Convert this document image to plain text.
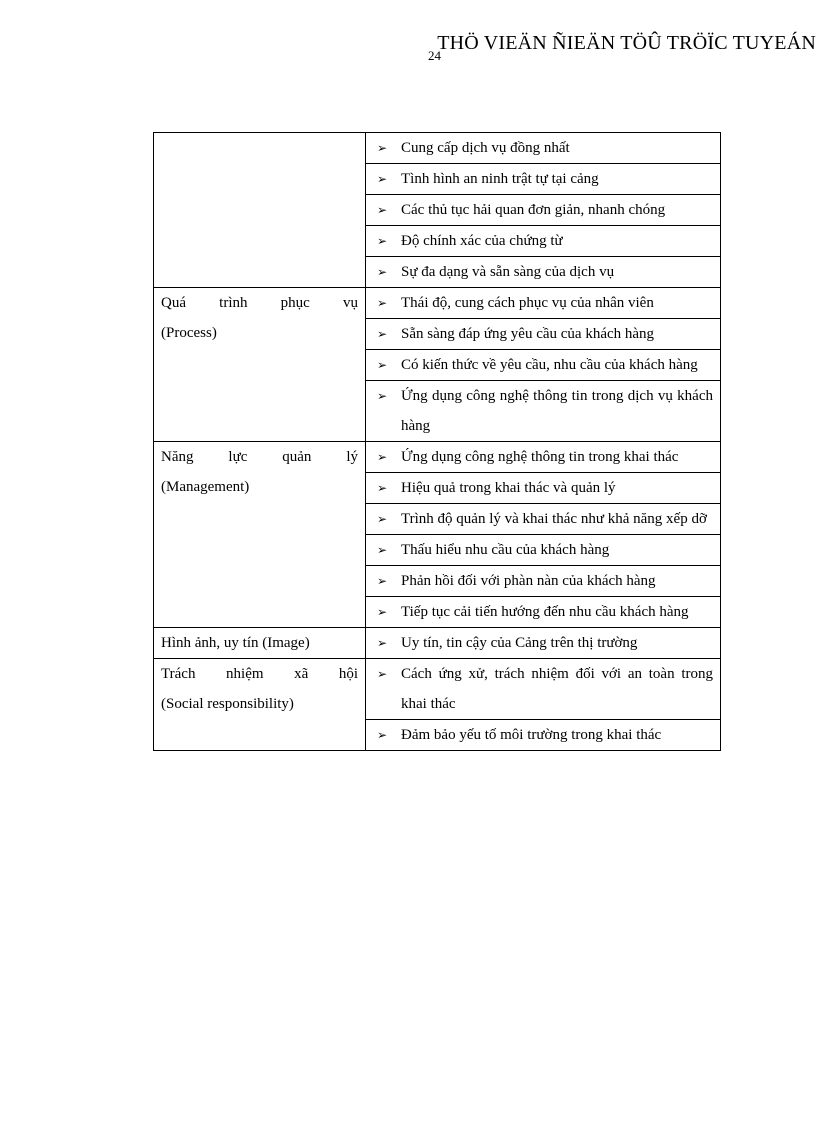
24
THÖ VIEÄN ÑIEÄN TÖÛ TRÖÏC TUYEÁN

	➢ Cung cấp dịch vụ đồng nhất

	➢ Tình hình an ninh trật tự tại cảng

	➢ Các thủ tục hải quan đơn giản, nhanh chóng

	➢ Độ chính xác của chứng từ

	➢ Sự đa dạng và sẵn sàng của dịch vụ

Quá trình phục vụ
(Process)	➢ Thái độ, cung cách phục vụ của nhân viên

	➢ Sẵn sàng đáp ứng yêu cầu của khách hàng

	➢ Có kiến thức về yêu cầu, nhu cầu của khách hàng

	➢ Ứng dụng công nghệ thông tin trong dịch vụ khách hàng

Năng lực quản lý
(Management)	➢ Ứng dụng công nghệ thông tin trong khai thác

	➢ Hiệu quả trong khai thác và quản lý

	➢ Trình độ quản lý và khai thác như khả năng xếp dỡ

	➢ Thấu hiểu nhu cầu của khách hàng

	➢ Phản hồi đối với phàn nàn của khách hàng

	➢ Tiếp tục cải tiến hướng đến nhu cầu khách hàng

Hình ảnh, uy tín (Image)	➢ Uy tín, tin cậy của Cảng trên thị trường

Trách nhiệm xã hội
(Social responsibility)	➢ Cách ứng xử, trách nhiệm đối với an toàn trong khai thác

	➢ Đảm bảo yếu tố môi trường trong khai thác
